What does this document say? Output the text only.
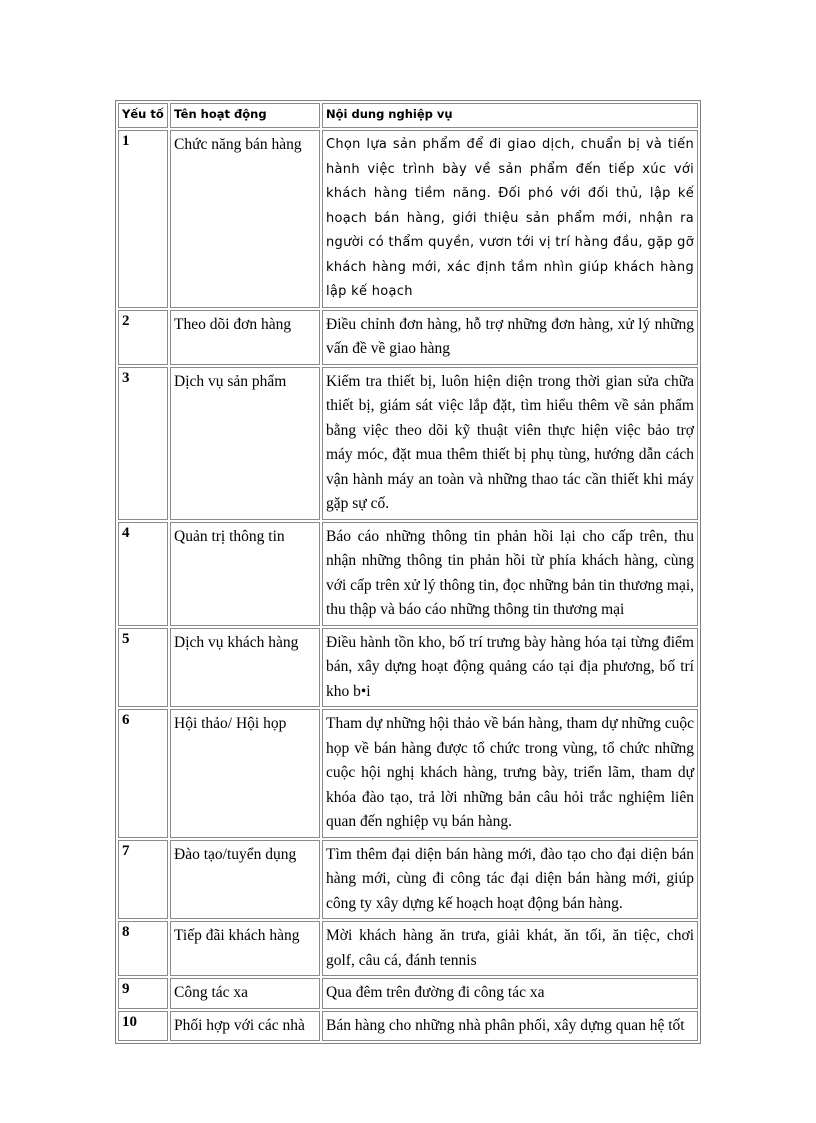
Yếu tố	Tên hoạt động	Nội dung nghiệp vụ
1	Chức năng bán hàng	Chọn lựa sản phẩm để đi giao dịch, chuẩn bị và tiến hành việc trình bày về sản phẩm đến tiếp xúc với khách hàng tiềm năng. Đối phó với đối thủ, lập kế hoạch bán hàng, giới thiệu sản phẩm mới, nhận ra người có thẩm quyền, vươn tới vị trí hàng đầu, gặp gỡ khách hàng mới, xác định tầm nhìn giúp khách hàng lập kế hoạch
2	Theo dõi đơn hàng	Điều chỉnh đơn hàng, hỗ trợ những đơn hàng, xử lý những vấn đề về giao hàng
3	Dịch vụ sản phẩm	Kiểm tra thiết bị, luôn hiện diện trong thời gian sửa chữa thiết bị, giám sát việc lắp đặt, tìm hiểu thêm về sản phẩm bằng việc theo dõi kỹ thuật viên thực hiện việc bảo trợ máy móc, đặt mua thêm thiết bị phụ tùng, hướng dẫn cách vận hành máy an toàn và những thao tác cần thiết khi máy gặp sự cố.
4	Quản trị thông tin	Báo cáo những thông tin phản hồi lại cho cấp trên, thu nhận những thông tin phản hồi từ phía khách hàng, cùng với cấp trên xử lý thông tin, đọc những bản tin thương mại, thu thập và báo cáo những thông tin thương mại
5	Dịch vụ khách hàng	Điều hành tồn kho, bố trí trưng bày hàng hóa tại từng điểm bán, xây dựng hoạt động quảng cáo tại địa phương, bố trí kho b•i
6	Hội thảo/ Hội họp	Tham dự những hội thảo về bán hàng, tham dự những cuộc họp về bán hàng được tổ chức trong vùng, tổ chức những cuộc hội nghị khách hàng, trưng bày, triển lãm, tham dự khóa đào tạo, trả lời những bản câu hỏi trắc nghiệm liên quan đến nghiệp vụ bán hàng.
7	Đào tạo/tuyển dụng	Tìm thêm đại diện bán hàng mới, đào tạo cho đại diện bán hàng mới, cùng đi công tác đại diện bán hàng mới, giúp công ty xây dựng kế hoạch hoạt động bán hàng.
8	Tiếp đãi khách hàng	Mời khách hàng ăn trưa, giải khát, ăn tối, ăn tiệc, chơi golf, câu cá, đánh tennis
9	Công tác xa	Qua đêm trên đường đi công tác xa
10	Phối hợp với các nhà	Bán hàng cho những nhà phân phối, xây dựng quan hệ tốt
